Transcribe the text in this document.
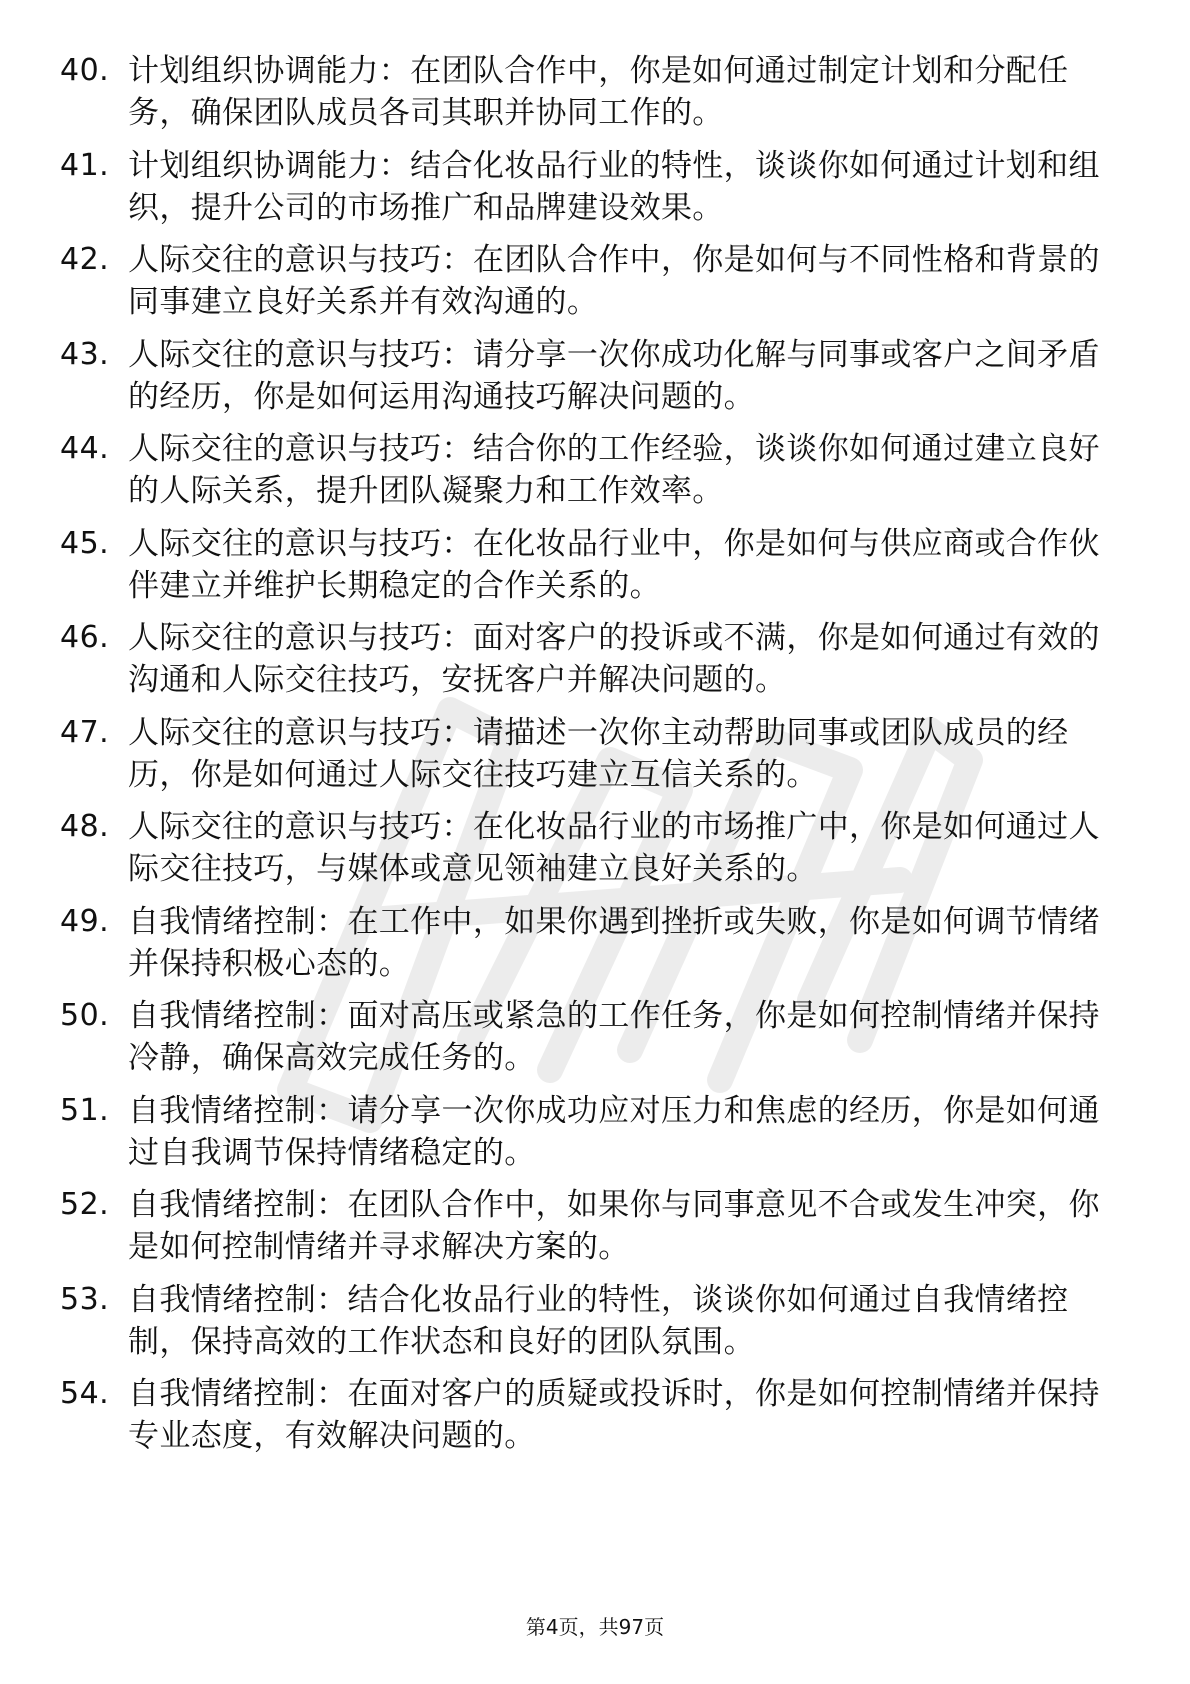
40. 计划组织协调能力：在团队合作中，你是如何通过制定计划和分配任务，确保团队成员各司其职并协同工作的。
41. 计划组织协调能力：结合化妆品行业的特性，谈谈你如何通过计划和组织，提升公司的市场推广和品牌建设效果。
42. 人际交往的意识与技巧：在团队合作中，你是如何与不同性格和背景的同事建立良好关系并有效沟通的。
43. 人际交往的意识与技巧：请分享一次你成功化解与同事或客户之间矛盾的经历，你是如何运用沟通技巧解决问题的。
44. 人际交往的意识与技巧：结合你的工作经验，谈谈你如何通过建立良好的人际关系，提升团队凝聚力和工作效率。
45. 人际交往的意识与技巧：在化妆品行业中，你是如何与供应商或合作伙伴建立并维护长期稳定的合作关系的。
46. 人际交往的意识与技巧：面对客户的投诉或不满，你是如何通过有效的沟通和人际交往技巧，安抚客户并解决问题的。
47. 人际交往的意识与技巧：请描述一次你主动帮助同事或团队成员的经历，你是如何通过人际交往技巧建立互信关系的。
48. 人际交往的意识与技巧：在化妆品行业的市场推广中，你是如何通过人际交往技巧，与媒体或意见领袖建立良好关系的。
49. 自我情绪控制：在工作中，如果你遇到挫折或失败，你是如何调节情绪并保持积极心态的。
50. 自我情绪控制：面对高压或紧急的工作任务，你是如何控制情绪并保持冷静，确保高效完成任务的。
51. 自我情绪控制：请分享一次你成功应对压力和焦虑的经历，你是如何通过自我调节保持情绪稳定的。
52. 自我情绪控制：在团队合作中，如果你与同事意见不合或发生冲突，你是如何控制情绪并寻求解决方案的。
53. 自我情绪控制：结合化妆品行业的特性，谈谈你如何通过自我情绪控制，保持高效的工作状态和良好的团队氛围。
54. 自我情绪控制：在面对客户的质疑或投诉时，你是如何控制情绪并保持专业态度，有效解决问题的。
第4页，共97页
